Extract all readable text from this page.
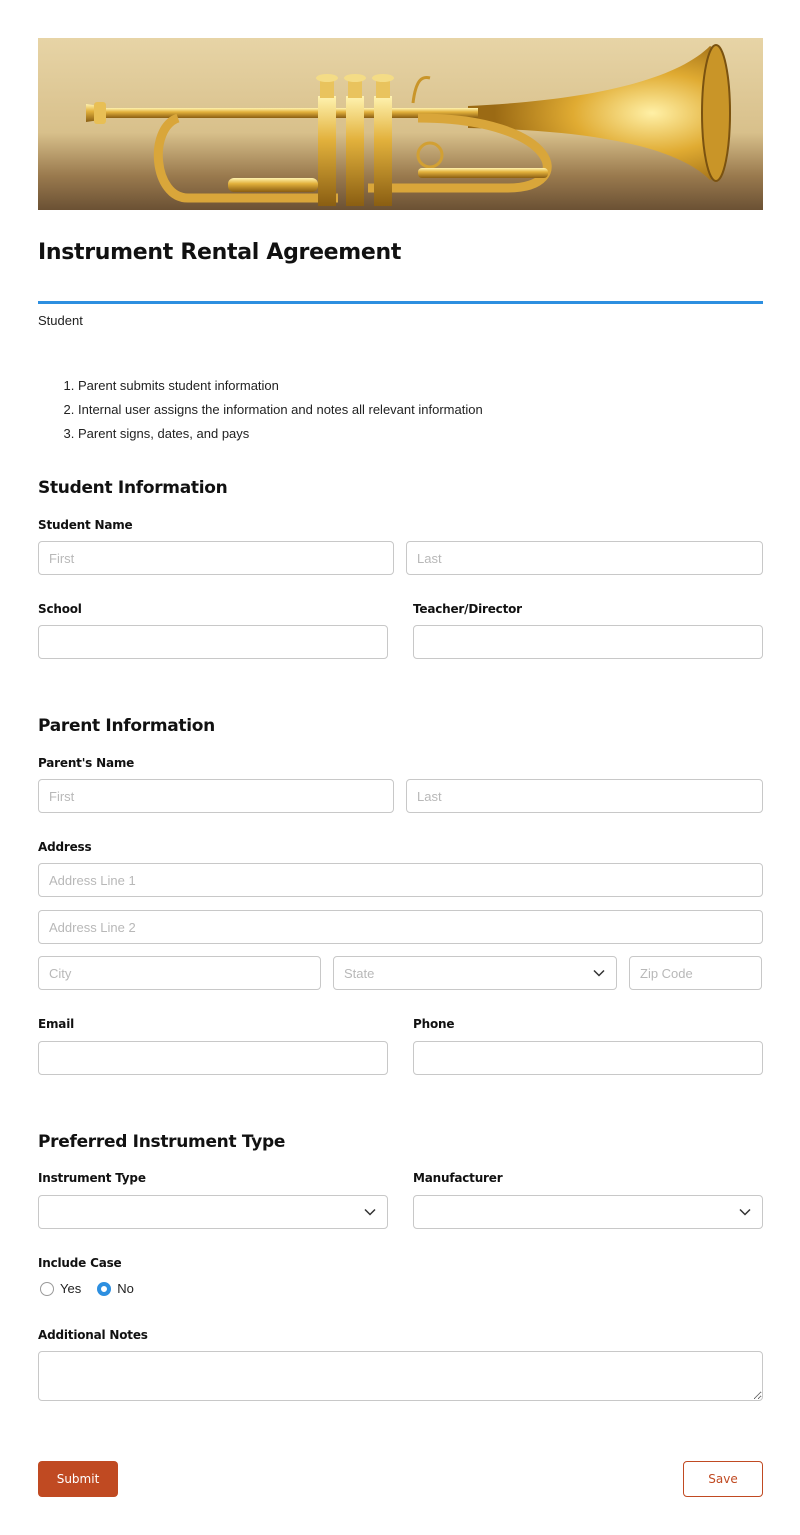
Instrument Rental Agreement
Student
1. Parent submits student information
2. Internal user assigns the information and notes all relevant information
3. Parent signs, dates, and pays
Student Information
Student Name
First
Last
School	Teacher/Director
Parent Information
Parent's Name
First
Last
Address
Address Line 1
Address Line 2
City
State
Zip Code
Email	Phone
Preferred Instrument Type
Instrument Type	Manufacturer
Include Case
Yes	No
Additional Notes
Submit	Save
